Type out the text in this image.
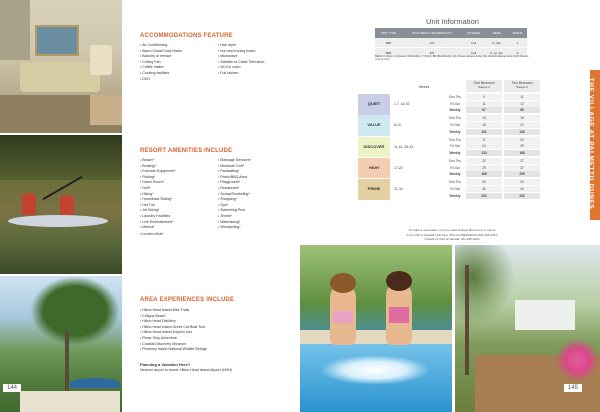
144
ACCOMMODATIONS FEATURE
• Air Conditioning
• Alarm Clock/Clock Radio
• Balcony or terrace
• Ceiling Fan
• Coffee maker
• Cooking facilities
• DVD
• Hair dryer
• Iron and ironing board
• Microwave
• Satellite or Cable Television
• Wi-fi in room
• Full kitchen
RESORT AMENITIES INCLUDE
• Beach*
• Boating*
• Exercise Equipment*
• Fishing*
• Game Room*
• Golf*
• Hiking*
• Horseback Riding*
• Hot Tub
• Jet Skiing*
• Laundry Facilities
• Live Entertainment*
• Marina*
• Massage Services*
• Miniature Golf*
• Parasailing*
• Picnic/BBQ Area
• Playground*
• Restaurant*
• Scuba/Snorkeling*
• Shopping*
• Spa*
• Swimming Pool
• Tennis*
• Waterskiing*
• Windsurfing*
*Located offsite
AREA EXPERIENCES INCLUDE
• Hilton Head Island Bike Trails
• Coligny Beach
• Hilton Head Distillery
• Hilton Head Island Greek Cat Boat Tour
• Hilton Head Island Dolphin tour
• Pirate Ship Adventure
• Coastal Discovery Museum
• Pinckney Island National Wildlife Refuge
Planning a Vacation Here?
Nearest airport to resort: Hilton Head Island Airport (HHH)
Unit Information
UNIT TYPE	OCCUPANCY MAX/PRIVACY	KITCHEN	BEDS	BATHS
1BR	4/4	Full	K, Q/L	1
2BR	6/6	Full	K, Q, Q/L	2
BEDS: K (King), Q (Queen), D (Double), T (Twin), BB (Bunk Beds), Q/L (Queen sleeper sofa), D/L (Double sleeper sofa), Q/M (Queen murphy bed)
Weeks
One Bedroom
Sleeps 4
Two Bedroom
Sleeps 6
QUIET	1-7, 44-52
Sun-Thu	9	11
Fri-Sat	11	13
Weekly	67	85
VALUE	8-10
Sun-Thu	13	16
Fri-Sat	15	22
Weekly	101	126
DISCOVER	11-16, 35-43
Sun-Thu	17	22
Fri-Sat	24	29
Weekly	133	168
HIGH	17-20
Sun-Thu	22	27
Fri-Sat	29	37
Weekly	168	209
PRIME	21-34
Sun-Thu	26	33
Fri-Sat	36	44
Weekly	203	253
To make a reservation, log in to www.clubwyndham.com or call us
in the USA & Canada (Toll-free): 844-CLUBEXPERIA (844-258-2397)
Outside of USA & Canada: 321-205-2003
THE VILLAGE AT PALMETTO DUNES
145
